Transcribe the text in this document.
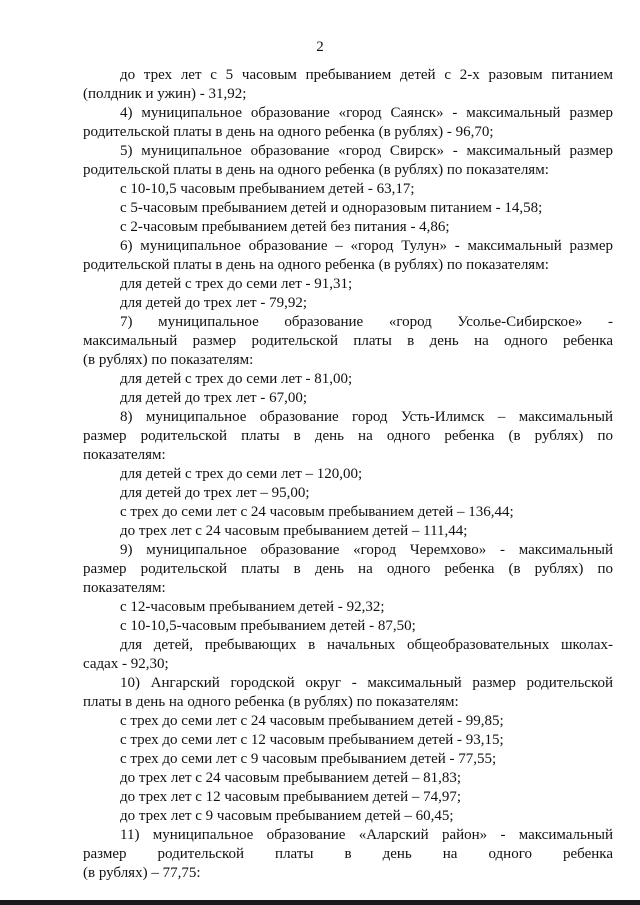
2
до трех лет с 5 часовым пребыванием детей с 2-х разовым питанием
(полдник и ужин) - 31,92;
4) муниципальное образование «город Саянск» - максимальный размер
родительской платы в день на одного ребенка (в рублях) - 96,70;
5) муниципальное образование «город Свирск» - максимальный размер
родительской платы в день на одного ребенка (в рублях) по показателям:
с 10-10,5 часовым пребыванием детей - 63,17;
с 5-часовым пребыванием детей и одноразовым питанием - 14,58;
с 2-часовым пребыванием детей без питания - 4,86;
6) муниципальное образование – «город Тулун» - максимальный размер
родительской платы в день на одного ребенка (в рублях) по показателям:
для детей с трех до семи лет - 91,31;
для детей до трех лет - 79,92;
7) муниципальное образование «город Усолье-Сибирское» -
максимальный размер родительской платы в день на одного ребенка
(в рублях) по показателям:
для детей с трех до семи лет - 81,00;
для детей до трех лет - 67,00;
8) муниципальное образование город Усть-Илимск – максимальный
размер родительской платы в день на одного ребенка (в рублях) по
показателям:
для детей с трех до семи лет – 120,00;
для детей до трех лет – 95,00;
с трех до семи лет с 24 часовым пребыванием детей – 136,44;
до трех лет с 24 часовым пребыванием детей – 111,44;
9) муниципальное образование «город Черемхово» - максимальный
размер родительской платы в день на одного ребенка (в рублях) по
показателям:
с 12-часовым пребыванием детей - 92,32;
с 10-10,5-часовым пребыванием детей - 87,50;
для детей, пребывающих в начальных общеобразовательных школах-
садах - 92,30;
10) Ангарский городской округ - максимальный размер родительской
платы в день на одного ребенка (в рублях) по показателям:
с трех до семи лет с 24 часовым пребыванием детей - 99,85;
с трех до семи лет с 12 часовым пребыванием детей - 93,15;
с трех до семи лет с 9 часовым пребыванием детей - 77,55;
до трех лет с 24 часовым пребыванием детей – 81,83;
до трех лет с 12 часовым пребыванием детей – 74,97;
до трех лет с 9 часовым пребыванием детей – 60,45;
11) муниципальное образование «Аларский район» - максимальный
размер родительской платы в день на одного ребенка
(в рублях) – 77,75:
